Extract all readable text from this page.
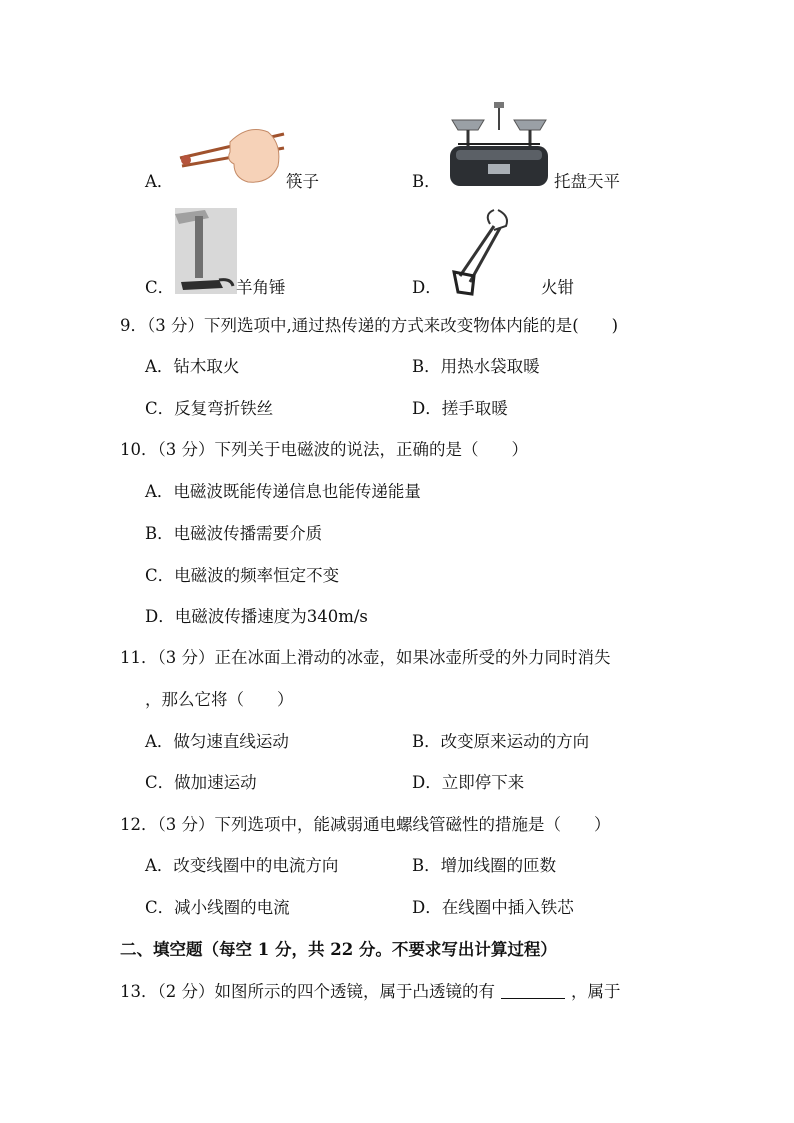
A．	筷子	B．	托盘天平
C．	羊角锤	D．	火钳
9．（3 分）下列选项中,通过热传递的方式来改变物体内能的是(　　)
A．钻木取火	B．用热水袋取暖
C．反复弯折铁丝	D．搓手取暖
10．（3 分）下列关于电磁波的说法，正确的是（　　）
A．电磁波既能传递信息也能传递能量
B．电磁波传播需要介质
C．电磁波的频率恒定不变
D．电磁波传播速度为340m/s
11．（3 分）正在冰面上滑动的冰壶，如果冰壶所受的外力同时消失
，那么它将（　　）
A．做匀速直线运动	B．改变原来运动的方向
C．做加速运动	D．立即停下来
12．（3 分）下列选项中，能减弱通电螺线管磁性的措施是（　　）
A．改变线圈中的电流方向	B．增加线圈的匝数
C．减小线圈的电流	D．在线圈中插入铁芯
二、填空题（每空 1 分，共 22 分。不要求写出计算过程）
13．（2 分）如图所示的四个透镜，属于凸透镜的有	，属于
